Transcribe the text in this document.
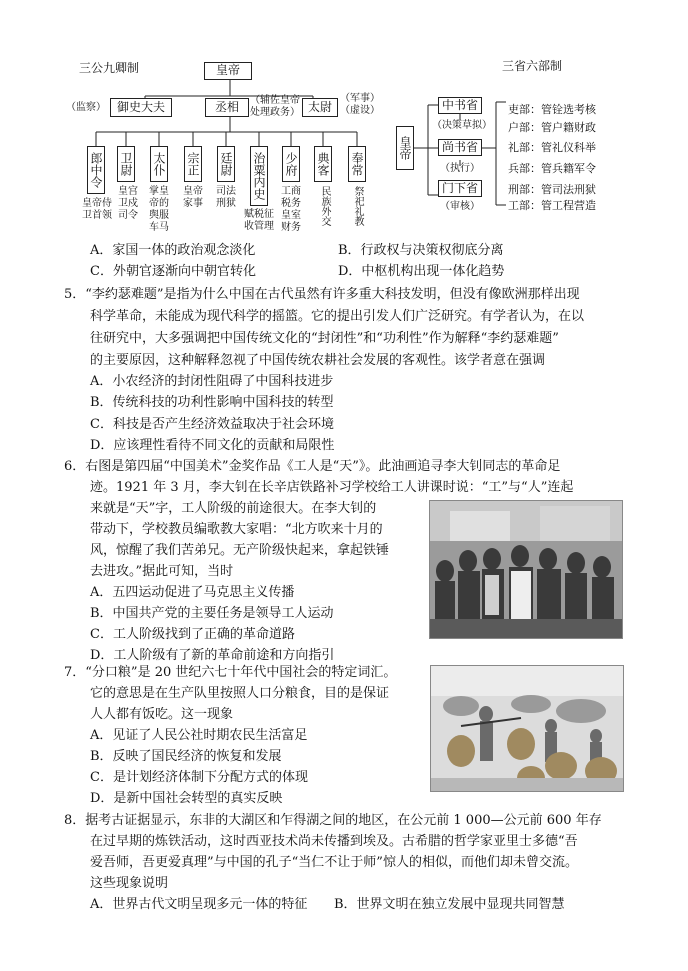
三公九卿制	皇帝
（监察） 御史大夫	丞相	（辅佐皇帝处理政务） 太尉
（军事）（虚设）
郎中令 卫尉 太仆 宗正 廷尉 治粟内史 少府 典客 奉常
皇帝侍卫首领
皇宫卫戍司令
掌皇帝的舆服车马
皇帝家事
司法刑狱
赋税征收管理
工商税务皇室财务
民族外交 祭祀礼教
三省六部制
皇帝
中书省
（决策草拟）
尚书省
（执行）
门下省
（审核）
吏部：管铨选考核
户部：管户籍财政
礼部：管礼仪科举
兵部：管兵籍军令
刑部：管司法刑狱
工部：管工程营造
A．家国一体的政治观念淡化	B．行政权与决策权彻底分离
C．外朝官逐渐向中朝官转化	D．中枢机构出现一体化趋势
5．“李约瑟难题”是指为什么中国在古代虽然有许多重大科技发明，但没有像欧洲那样出现
科学革命，未能成为现代科学的摇篮。它的提出引发人们广泛研究。有学者认为，在以
往研究中，大多强调把中国传统文化的“封闭性”和“功利性”作为解释“李约瑟难题”
的主要原因，这种解释忽视了中国传统农耕社会发展的客观性。该学者意在强调
A．小农经济的封闭性阻碍了中国科技进步
B．传统科技的功利性影响中国科技的转型
C．科技是否产生经济效益取决于社会环境
D．应该理性看待不同文化的贡献和局限性
6．右图是第四届“中国美术”金奖作品《工人是“天”》。此油画追寻李大钊同志的革命足
迹。1921 年 3 月，李大钊在长辛店铁路补习学校给工人讲课时说：“工”与“人”连起
来就是“天”字，工人阶级的前途很大。在李大钊的
带动下，学校教员编歌教大家唱：“北方吹来十月的
风，惊醒了我们苦弟兄。无产阶级快起来，拿起铁锤
去进攻。”据此可知，当时
A．五四运动促进了马克思主义传播
B．中国共产党的主要任务是领导工人运动
C．工人阶级找到了正确的革命道路
D．工人阶级有了新的革命前途和方向指引
7．“分口粮”是 20 世纪六七十年代中国社会的特定词汇。
它的意思是在生产队里按照人口分粮食，目的是保证
人人都有饭吃。这一现象
A．见证了人民公社时期农民生活富足
B．反映了国民经济的恢复和发展
C．是计划经济体制下分配方式的体现
D．是新中国社会转型的真实反映
8．据考古证据显示，东非的大湖区和乍得湖之间的地区，在公元前 1 000—公元前 600 年存
在过早期的炼铁活动，这时西亚技术尚未传播到埃及。古希腊的哲学家亚里士多德“吾
爱吾师，吾更爱真理”与中国的孔子“当仁不让于师”惊人的相似，而他们却未曾交流。
这些现象说明
A．世界古代文明呈现多元一体的特征 B．世界文明在独立发展中显现共同智慧
